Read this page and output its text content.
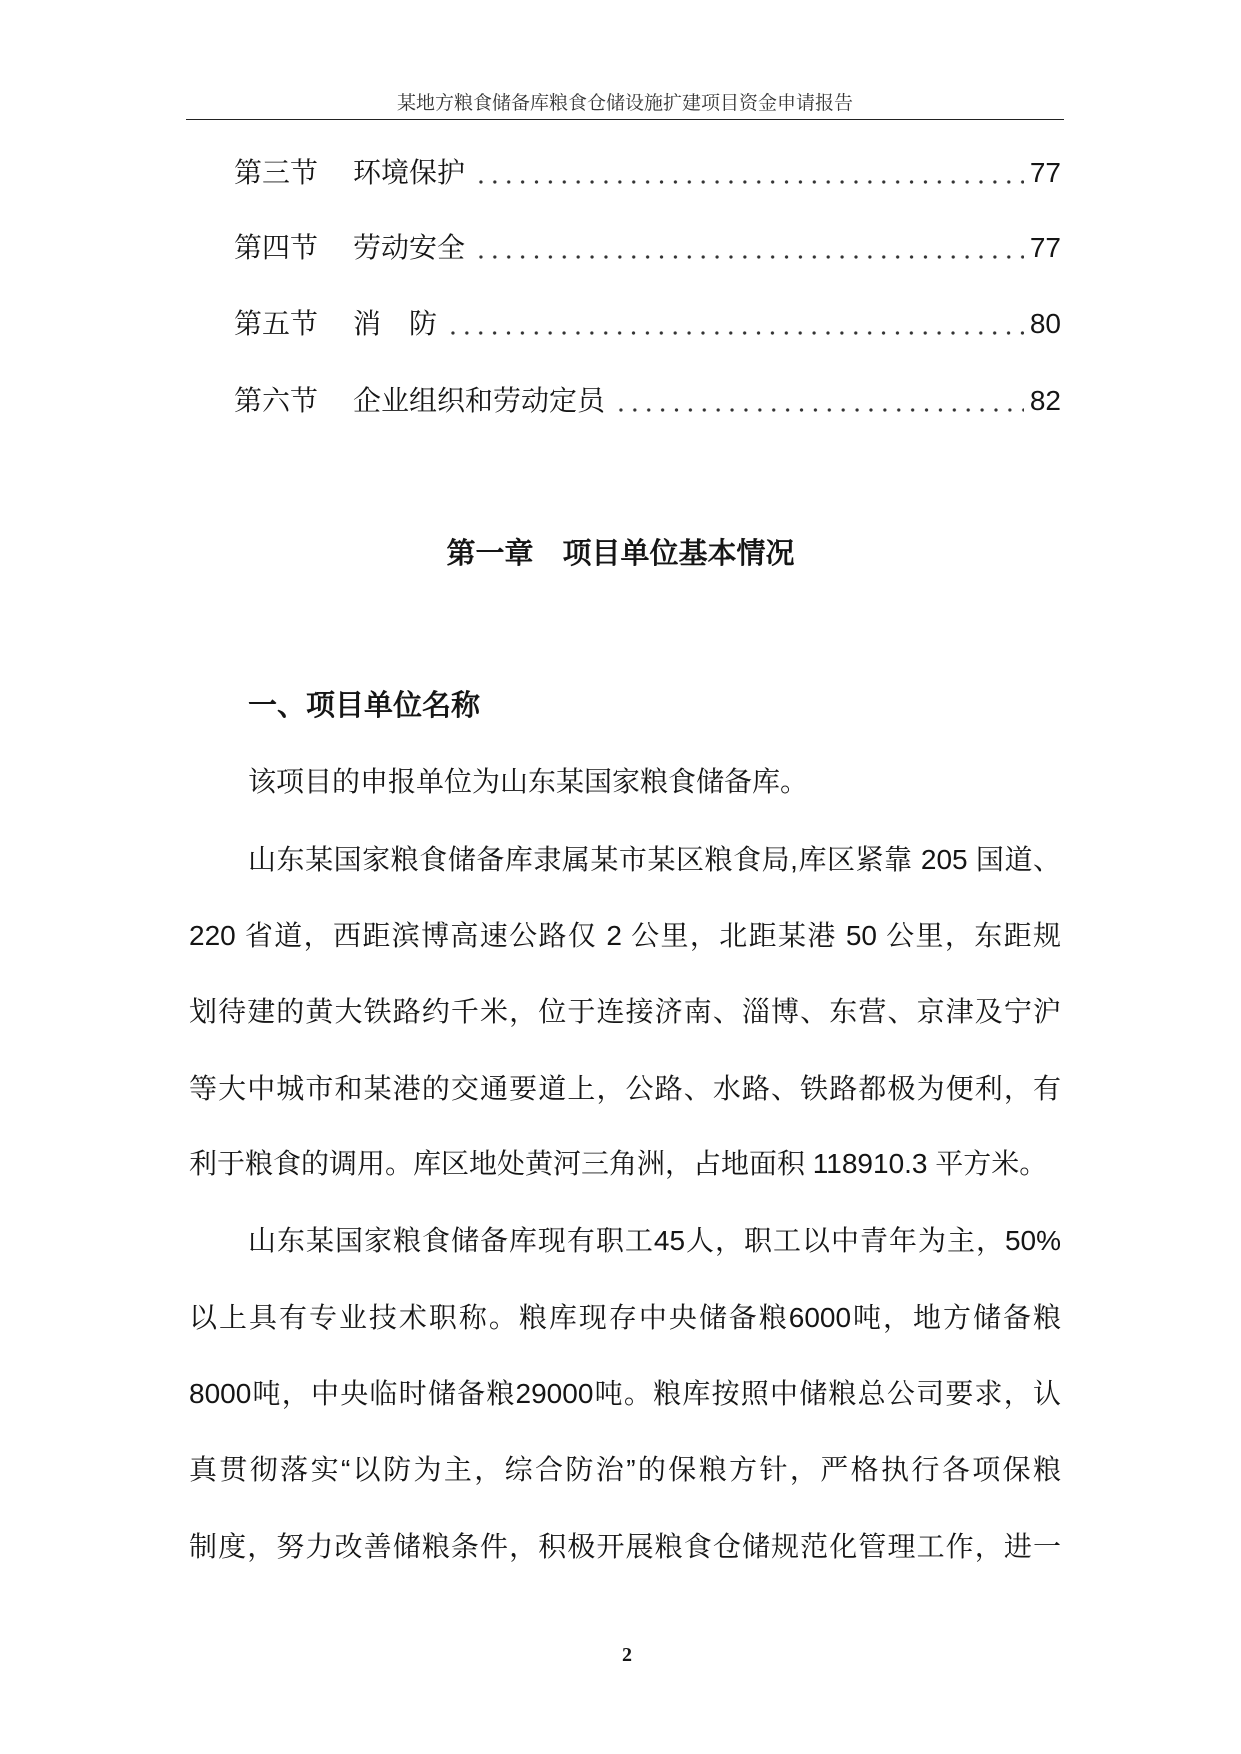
某地方粮食储备库粮食仓储设施扩建项目资金申请报告
第三节	环境保护	77
第四节	劳动安全	77
第五节	消　防	80
第六节	企业组织和劳动定员	82
第一章　项目单位基本情况
一、项目单位名称
该项目的申报单位为山东某国家粮食储备库。
山东某国家粮食储备库隶属某市某区粮食局,库区紧靠 205 国道、
220 省道，西距滨博高速公路仅 2 公里，北距某港 50 公里，东距规
划待建的黄大铁路约千米，位于连接济南、淄博、东营、京津及宁沪
等大中城市和某港的交通要道上，公路、水路、铁路都极为便利，有
利于粮食的调用。库区地处黄河三角洲，占地面积 118910.3 平方米。
山东某国家粮食储备库现有职工45人，职工以中青年为主，50%
以上具有专业技术职称。粮库现存中央储备粮6000吨，地方储备粮
8000吨，中央临时储备粮29000吨。粮库按照中储粮总公司要求，认
真贯彻落实“以防为主，综合防治”的保粮方针，严格执行各项保粮
制度，努力改善储粮条件，积极开展粮食仓储规范化管理工作，进一
2
